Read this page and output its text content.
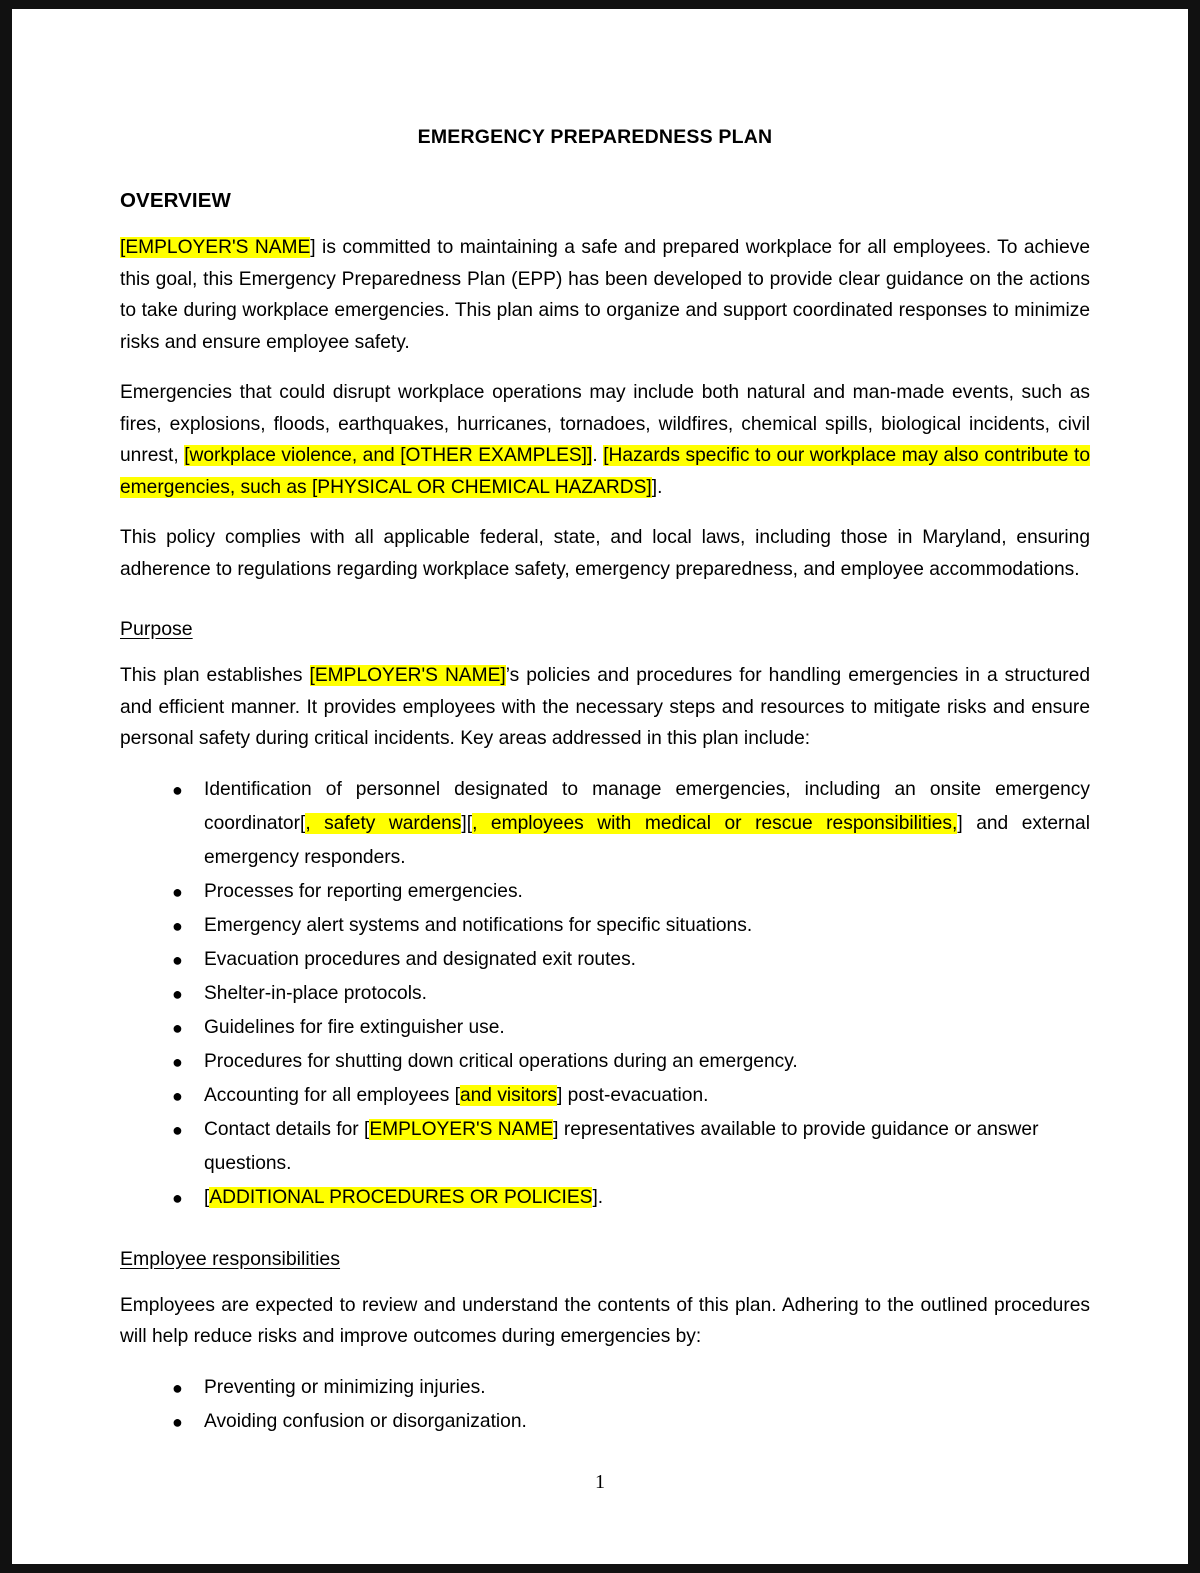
EMERGENCY PREPAREDNESS PLAN
OVERVIEW

[EMPLOYER'S NAME] is committed to maintaining a safe and prepared workplace for all employees. To achieve this goal, this Emergency Preparedness Plan (EPP) has been developed to provide clear guidance on the actions to take during workplace emergencies. This plan aims to organize and support coordinated responses to minimize risks and ensure employee safety.

Emergencies that could disrupt workplace operations may include both natural and man-made events, such as fires, explosions, floods, earthquakes, hurricanes, tornadoes, wildfires, chemical spills, biological incidents, civil unrest, [workplace violence, and [OTHER EXAMPLES]]. [Hazards specific to our workplace may also contribute to emergencies, such as [PHYSICAL OR CHEMICAL HAZARDS]].

This policy complies with all applicable federal, state, and local laws, including those in Maryland, ensuring adherence to regulations regarding workplace safety, emergency preparedness, and employee accommodations.

Purpose

This plan establishes [EMPLOYER'S NAME]’s policies and procedures for handling emergencies in a structured and efficient manner. It provides employees with the necessary steps and resources to mitigate risks and ensure personal safety during critical incidents. Key areas addressed in this plan include:

● Identification of personnel designated to manage emergencies, including an onsite emergency coordinator[, safety wardens][, employees with medical or rescue responsibilities,] and external emergency responders.
● Processes for reporting emergencies.
● Emergency alert systems and notifications for specific situations.
● Evacuation procedures and designated exit routes.
● Shelter-in-place protocols.
● Guidelines for fire extinguisher use.
● Procedures for shutting down critical operations during an emergency.
● Accounting for all employees [and visitors] post-evacuation.
● Contact details for [EMPLOYER'S NAME] representatives available to provide guidance or answer questions.
● [ADDITIONAL PROCEDURES OR POLICIES].
Employee responsibilities

Employees are expected to review and understand the contents of this plan. Adhering to the outlined procedures will help reduce risks and improve outcomes during emergencies by:

● Preventing or minimizing injuries.
● Avoiding confusion or disorganization.
1
